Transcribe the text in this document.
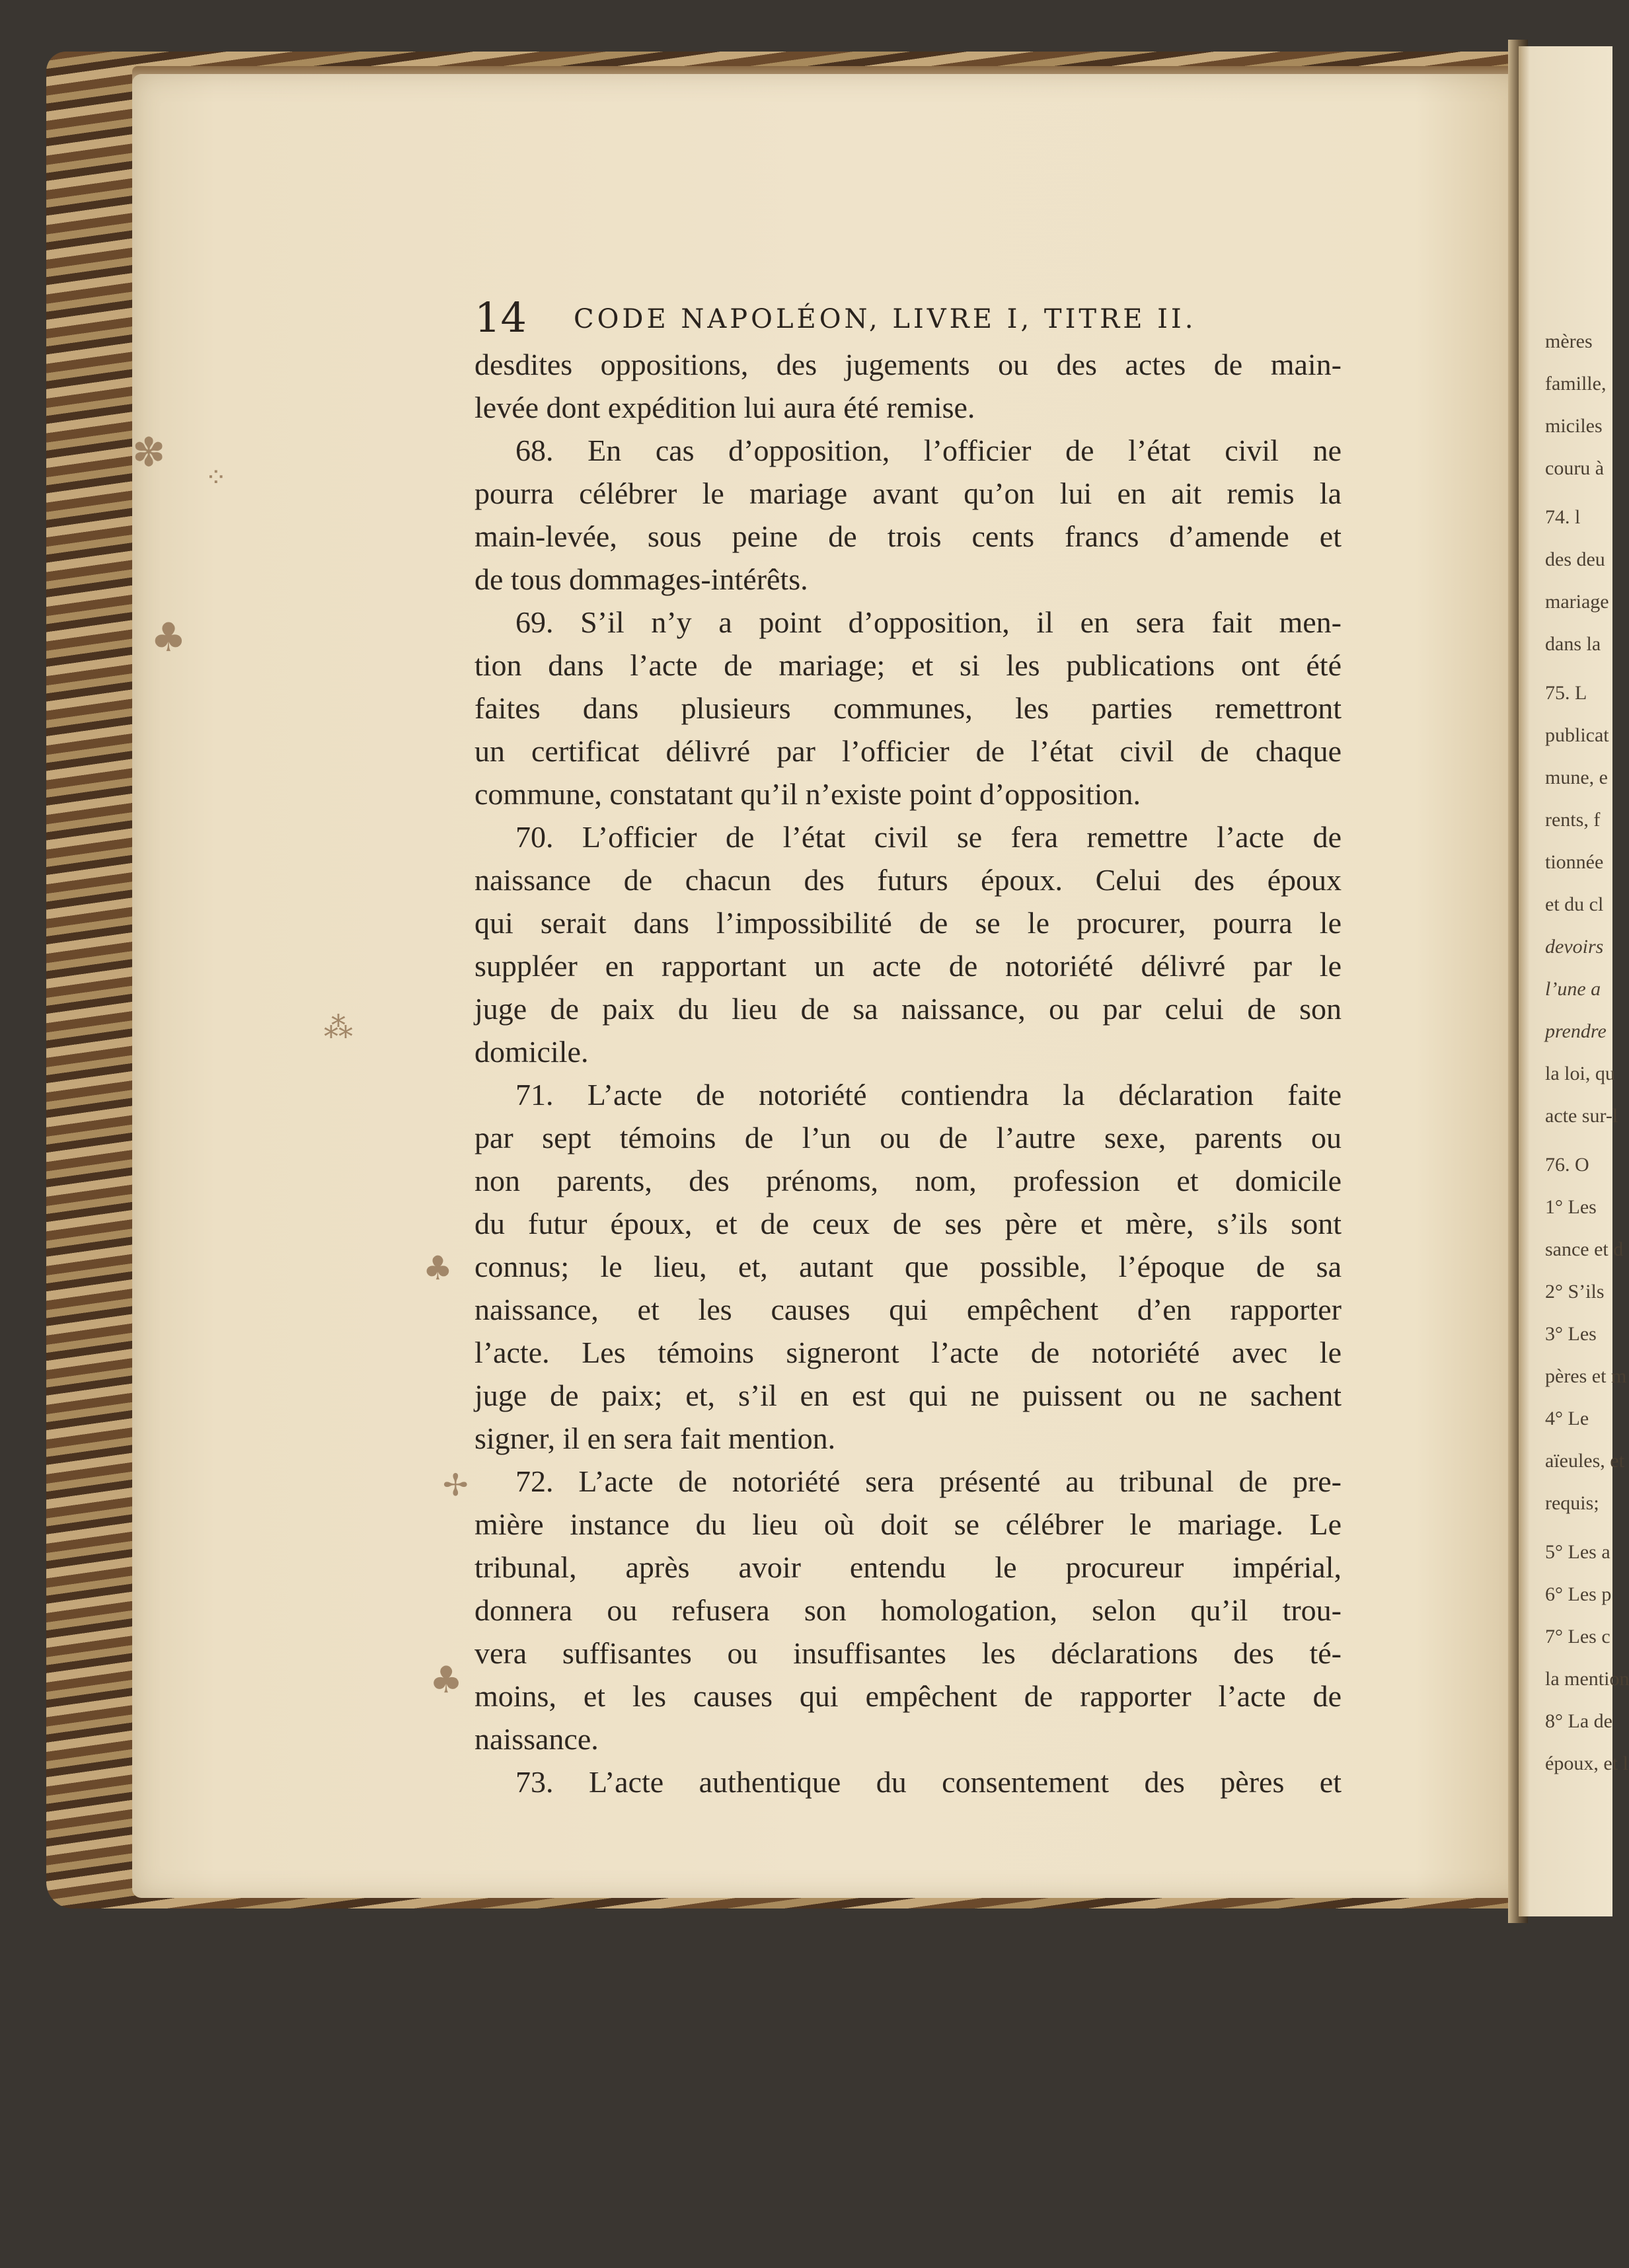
✽
⁘
♣
⁂
♣
✢
♣
14 CODE NAPOLÉON, LIVRE I, TITRE II.
desdites oppositions, des jugements ou des actes de main-
levée dont expédition lui aura été remise.
68. En cas d’opposition, l’officier de l’état civil ne
pourra célébrer le mariage avant qu’on lui en ait remis la
main-levée, sous peine de trois cents francs d’amende et
de tous dommages-intérêts.
69. S’il n’y a point d’opposition, il en sera fait men-
tion dans l’acte de mariage; et si les publications ont été
faites dans plusieurs communes, les parties remettront
un certificat délivré par l’officier de l’état civil de chaque
commune, constatant qu’il n’existe point d’opposition.
70. L’officier de l’état civil se fera remettre l’acte de
naissance de chacun des futurs époux. Celui des époux
qui serait dans l’impossibilité de se le procurer, pourra le
suppléer en rapportant un acte de notoriété délivré par le
juge de paix du lieu de sa naissance, ou par celui de son
domicile.
71. L’acte de notoriété contiendra la déclaration faite
par sept témoins de l’un ou de l’autre sexe, parents ou
non parents, des prénoms, nom, profession et domicile
du futur époux, et de ceux de ses père et mère, s’ils sont
connus; le lieu, et, autant que possible, l’époque de sa
naissance, et les causes qui empêchent d’en rapporter
l’acte. Les témoins signeront l’acte de notoriété avec le
juge de paix; et, s’il en est qui ne puissent ou ne sachent
signer, il en sera fait mention.
72. L’acte de notoriété sera présenté au tribunal de pre-
mière instance du lieu où doit se célébrer le mariage. Le
tribunal, après avoir entendu le procureur impérial,
donnera ou refusera son homologation, selon qu’il trou-
vera suffisantes ou insuffisantes les déclarations des té-
moins, et les causes qui empêchent de rapporter l’acte de
naissance.
73. L’acte authentique du consentement des pères et
mères
famille,
miciles
couru à
74. l
des deu
mariage
dans la
75. L
publicat
mune, e
rents, f
tionnée
et du cl
devoirs
l’une a
prendre
la loi, qu
acte sur-l
76. O
1° Les
sance et d
2° S’ils
3° Les
pères et m
4° Le
aïeules, et
requis;
5° Les a
6° Les p
7° Les c
la mention
8° La de
époux, et l
